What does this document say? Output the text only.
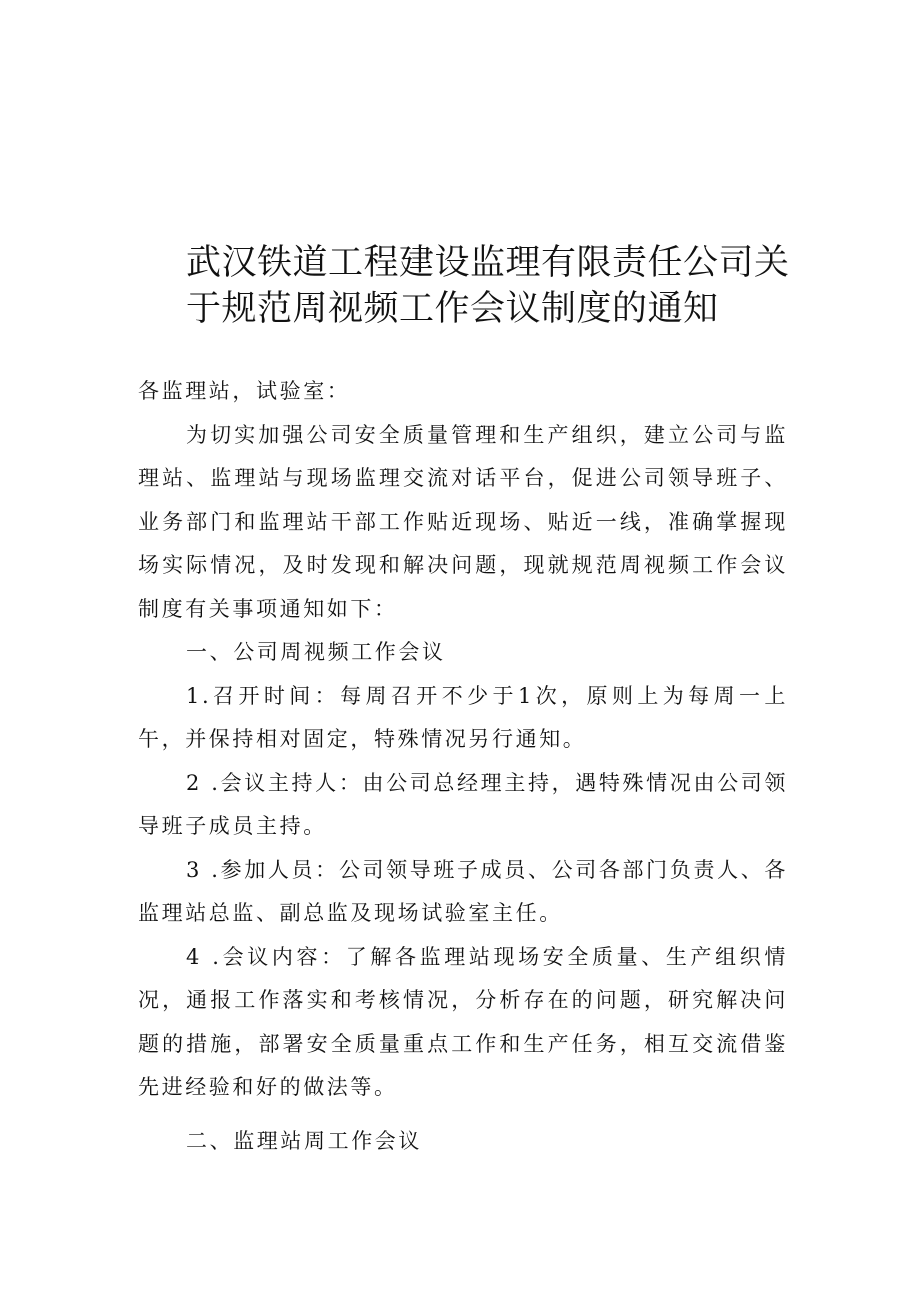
武汉铁道工程建设监理有限责任公司关
于规范周视频工作会议制度的通知

各监理站，试验室：

为切实加强公司安全质量管理和生产组织，建立公司与监理站、监理站与现场监理交流对话平台，促进公司领导班子、业务部门和监理站干部工作贴近现场、贴近一线，准确掌握现场实际情况，及时发现和解决问题，现就规范周视频工作会议制度有关事项通知如下：

一、公司周视频工作会议

1.召开时间：每周召开不少于1次，原则上为每周一上午，并保持相对固定，特殊情况另行通知。

2 .会议主持人：由公司总经理主持，遇特殊情况由公司领导班子成员主持。

3 .参加人员：公司领导班子成员、公司各部门负责人、各监理站总监、副总监及现场试验室主任。

4 .会议内容：了解各监理站现场安全质量、生产组织情况，通报工作落实和考核情况，分析存在的问题，研究解决问题的措施，部署安全质量重点工作和生产任务，相互交流借鉴先进经验和好的做法等。

二、监理站周工作会议
